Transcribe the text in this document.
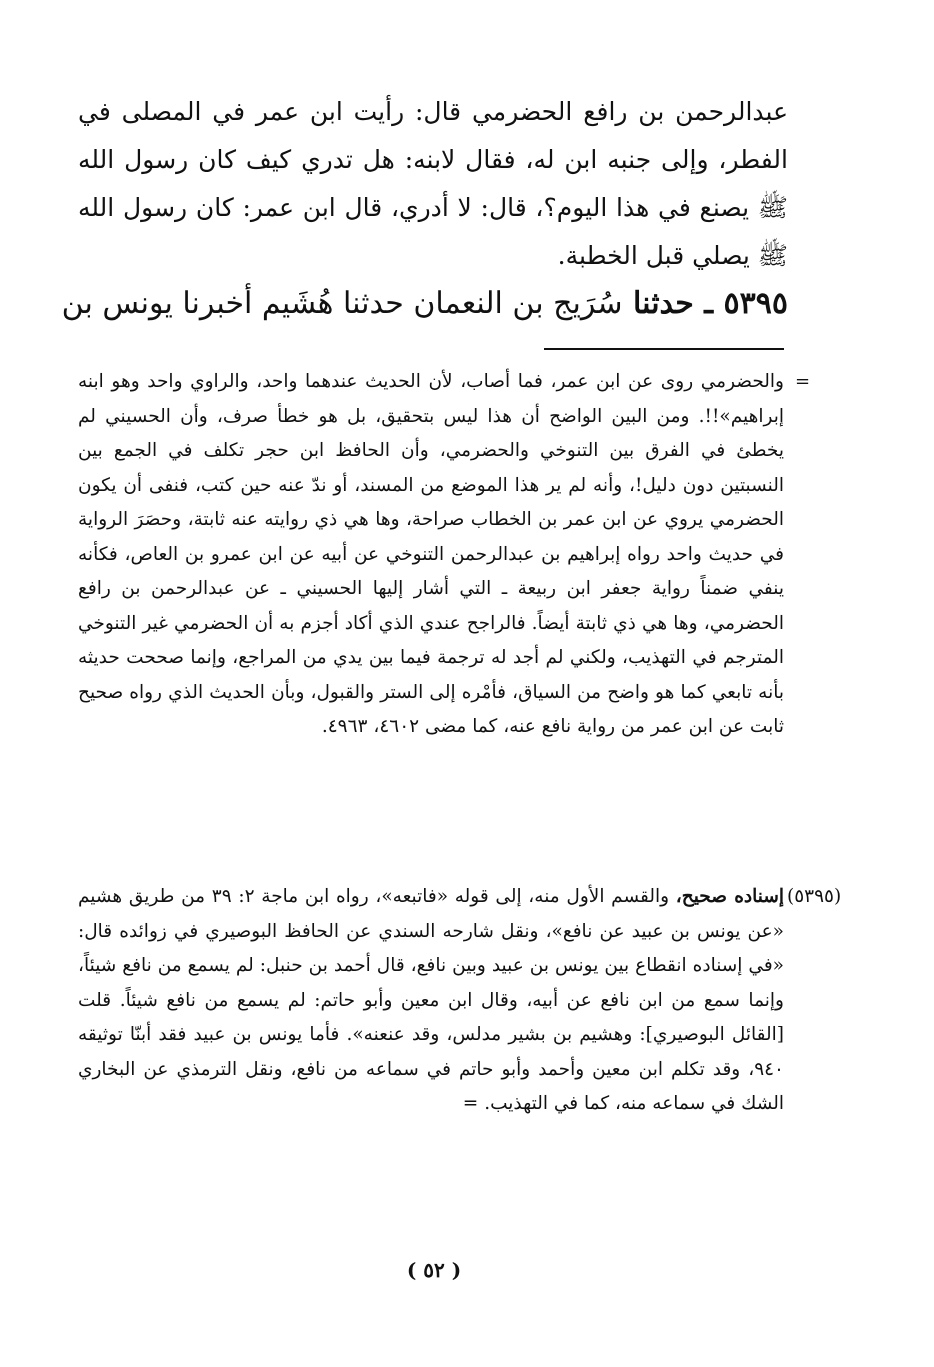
عبدالرحمن بن رافع الحضرمي قال: رأيت ابن عمر في المصلى في الفطر، وإلى جنبه ابن له، فقال لابنه: هل تدري كيف كان رسول الله ﷺ يصنع في هذا اليوم؟، قال: لا أدري، قال ابن عمر: كان رسول الله ﷺ يصلي قبل الخطبة.

٥٣٩٥ ـ حدثنا سُرَيج بن النعمان حدثنا هُشَيم أخبرنا يونس بن
=

والحضرمي روى عن ابن عمر، فما أصاب، لأن الحديث عندهما واحد، والراوي واحد وهو ابنه إبراهيم»!!. ومن البين الواضح أن هذا ليس بتحقيق، بل هو خطأ صرف، وأن الحسيني لم يخطئ في الفرق بين التنوخي والحضرمي، وأن الحافظ ابن حجر تكلف في الجمع بين النسبتين دون دليل!، وأنه لم ير هذا الموضع من المسند، أو ندّ عنه حين كتب، فنفى أن يكون الحضرمي يروي عن ابن عمر بن الخطاب صراحة، وها هي ذي روايته عنه ثابتة، وحصَرَ الرواية في حديث واحد رواه إبراهيم بن عبدالرحمن التنوخي عن أبيه عن ابن عمرو بن العاص، فكأنه ينفي ضمناً رواية جعفر ابن ربيعة ـ التي أشار إليها الحسيني ـ عن عبدالرحمن بن رافع الحضرمي، وها هي ذي ثابتة أيضاً. فالراجح عندي الذي أكاد أجزم به أن الحضرمي غير التنوخي المترجم في التهذيب، ولكني لم أجد له ترجمة فيما بين يدي من المراجع، وإنما صححت حديثه بأنه تابعي كما هو واضح من السياق، فأمْره إلى الستر والقبول، وبأن الحديث الذي رواه صحيح ثابت عن ابن عمر من رواية نافع عنه، كما مضى ٤٦٠٢، ٤٩٦٣.

(٥٣٩٥)
إسناده صحيح، والقسم الأول منه، إلى قوله «فاتبعه»، رواه ابن ماجة ٢: ٣٩ من طريق هشيم «عن يونس بن عبيد عن نافع»، ونقل شارحه السندي عن الحافظ البوصيري في زوائده قال: «في إسناده انقطاع بين يونس بن عبيد وبين نافع، قال أحمد بن حنبل: لم يسمع من نافع شيئاً، وإنما سمع من ابن نافع عن أبيه، وقال ابن معين وأبو حاتم: لم يسمع من نافع شيئاً. قلت [القائل البوصيري]: وهشيم بن بشير مدلس، وقد عنعنه». فأما يونس بن عبيد فقد أبنّا توثيقه ٩٤٠، وقد تكلم ابن معين وأحمد وأبو حاتم في سماعه من نافع، ونقل الترمذي عن البخاري الشك في سماعه منه، كما في التهذيب. =
( ٥٢ )
